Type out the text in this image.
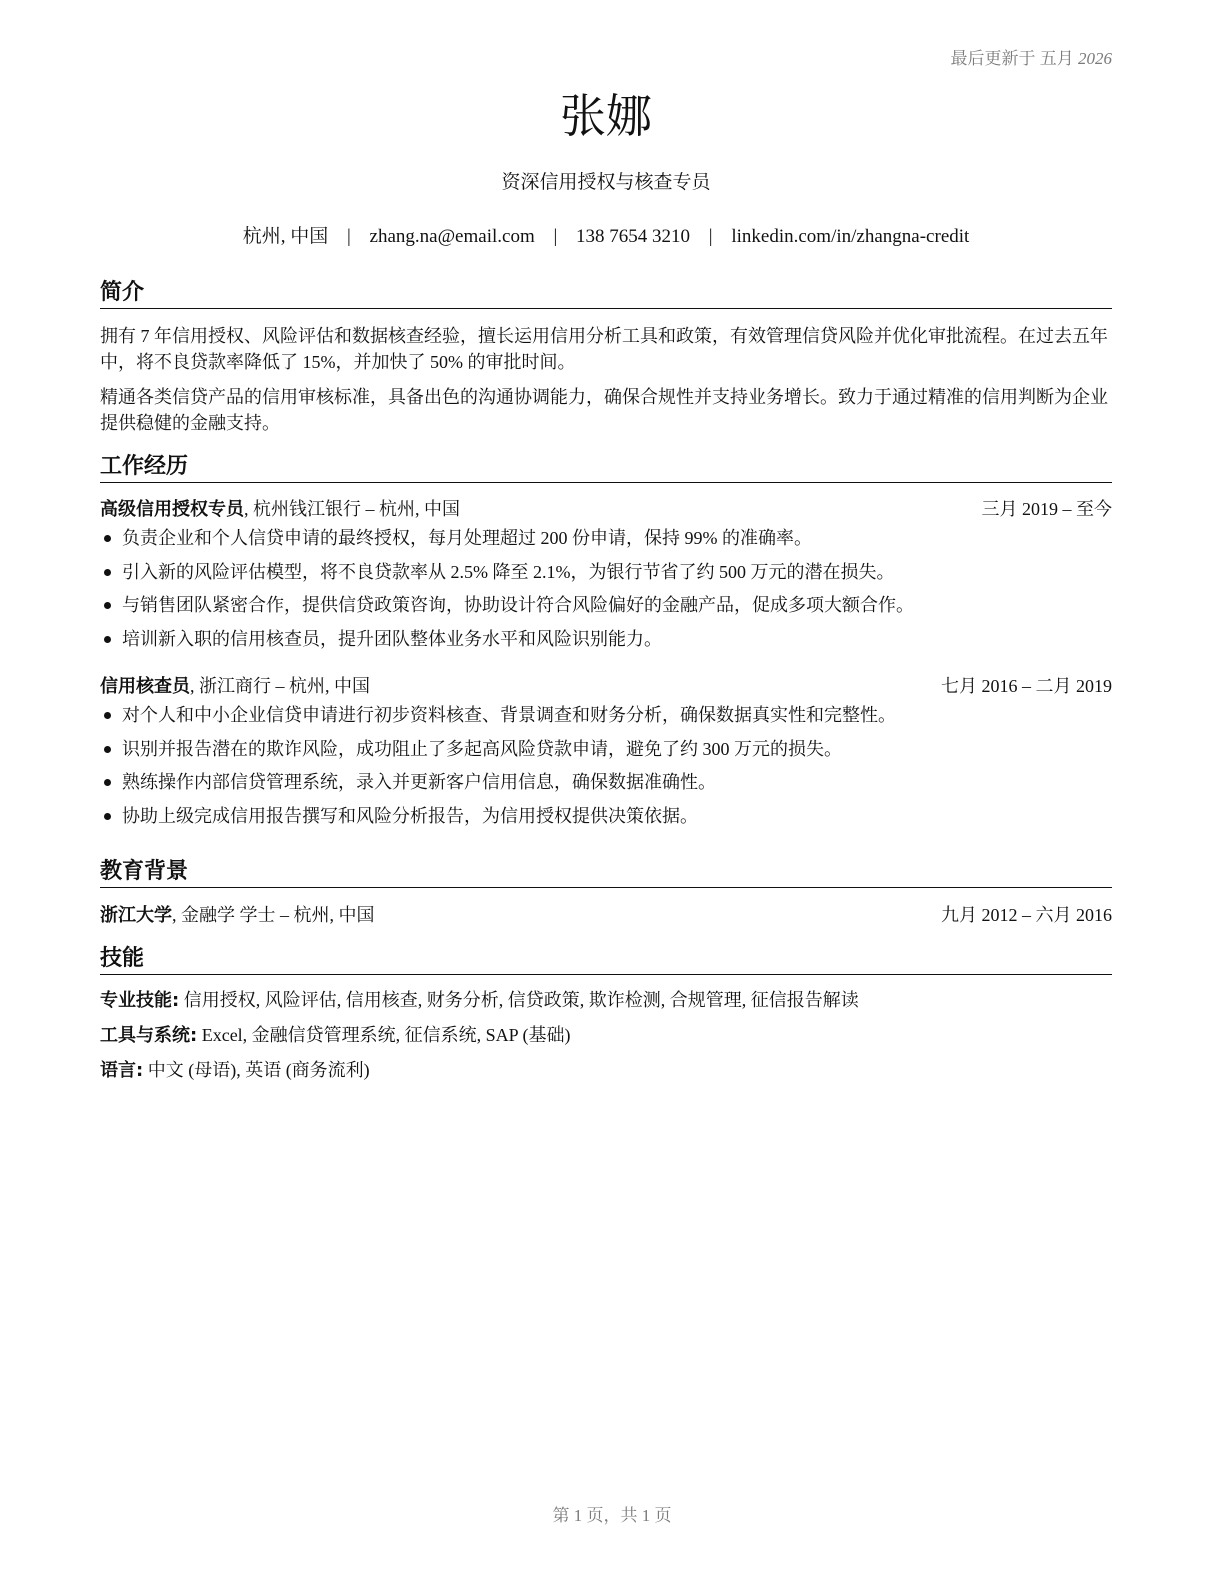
最后更新于 五月 2026
张娜
资深信用授权与核查专员
杭州, 中国 | zhang.na@email.com | 138 7654 3210 | linkedin.com/in/zhangna-credit
简介

拥有 7 年信用授权、风险评估和数据核查经验，擅长运用信用分析工具和政策，有效管理信贷风险并优化审批流程。在过去五年中，将不良贷款率降低了 15%，并加快了 50% 的审批时间。

精通各类信贷产品的信用审核标准，具备出色的沟通协调能力，确保合规性并支持业务增长。致力于通过精准的信用判断为企业提供稳健的金融支持。

工作经历
高级信用授权专员, 杭州钱江银行 – 杭州, 中国	三月 2019 – 至今
负责企业和个人信贷申请的最终授权，每月处理超过 200 份申请，保持 99% 的准确率。
引入新的风险评估模型，将不良贷款率从 2.5% 降至 2.1%，为银行节省了约 500 万元的潜在损失。
与销售团队紧密合作，提供信贷政策咨询，协助设计符合风险偏好的金融产品，促成多项大额合作。
培训新入职的信用核查员，提升团队整体业务水平和风险识别能力。
信用核查员, 浙江商行 – 杭州, 中国	七月 2016 – 二月 2019
对个人和中小企业信贷申请进行初步资料核查、背景调查和财务分析，确保数据真实性和完整性。
识别并报告潜在的欺诈风险，成功阻止了多起高风险贷款申请，避免了约 300 万元的损失。
熟练操作内部信贷管理系统，录入并更新客户信用信息，确保数据准确性。
协助上级完成信用报告撰写和风险分析报告，为信用授权提供决策依据。
教育背景
浙江大学, 金融学 学士 – 杭州, 中国	九月 2012 – 六月 2016
技能
专业技能: 信用授权, 风险评估, 信用核查, 财务分析, 信贷政策, 欺诈检测, 合规管理, 征信报告解读
工具与系统: Excel, 金融信贷管理系统, 征信系统, SAP (基础)
语言: 中文 (母语), 英语 (商务流利)
第 1 页，共 1 页
